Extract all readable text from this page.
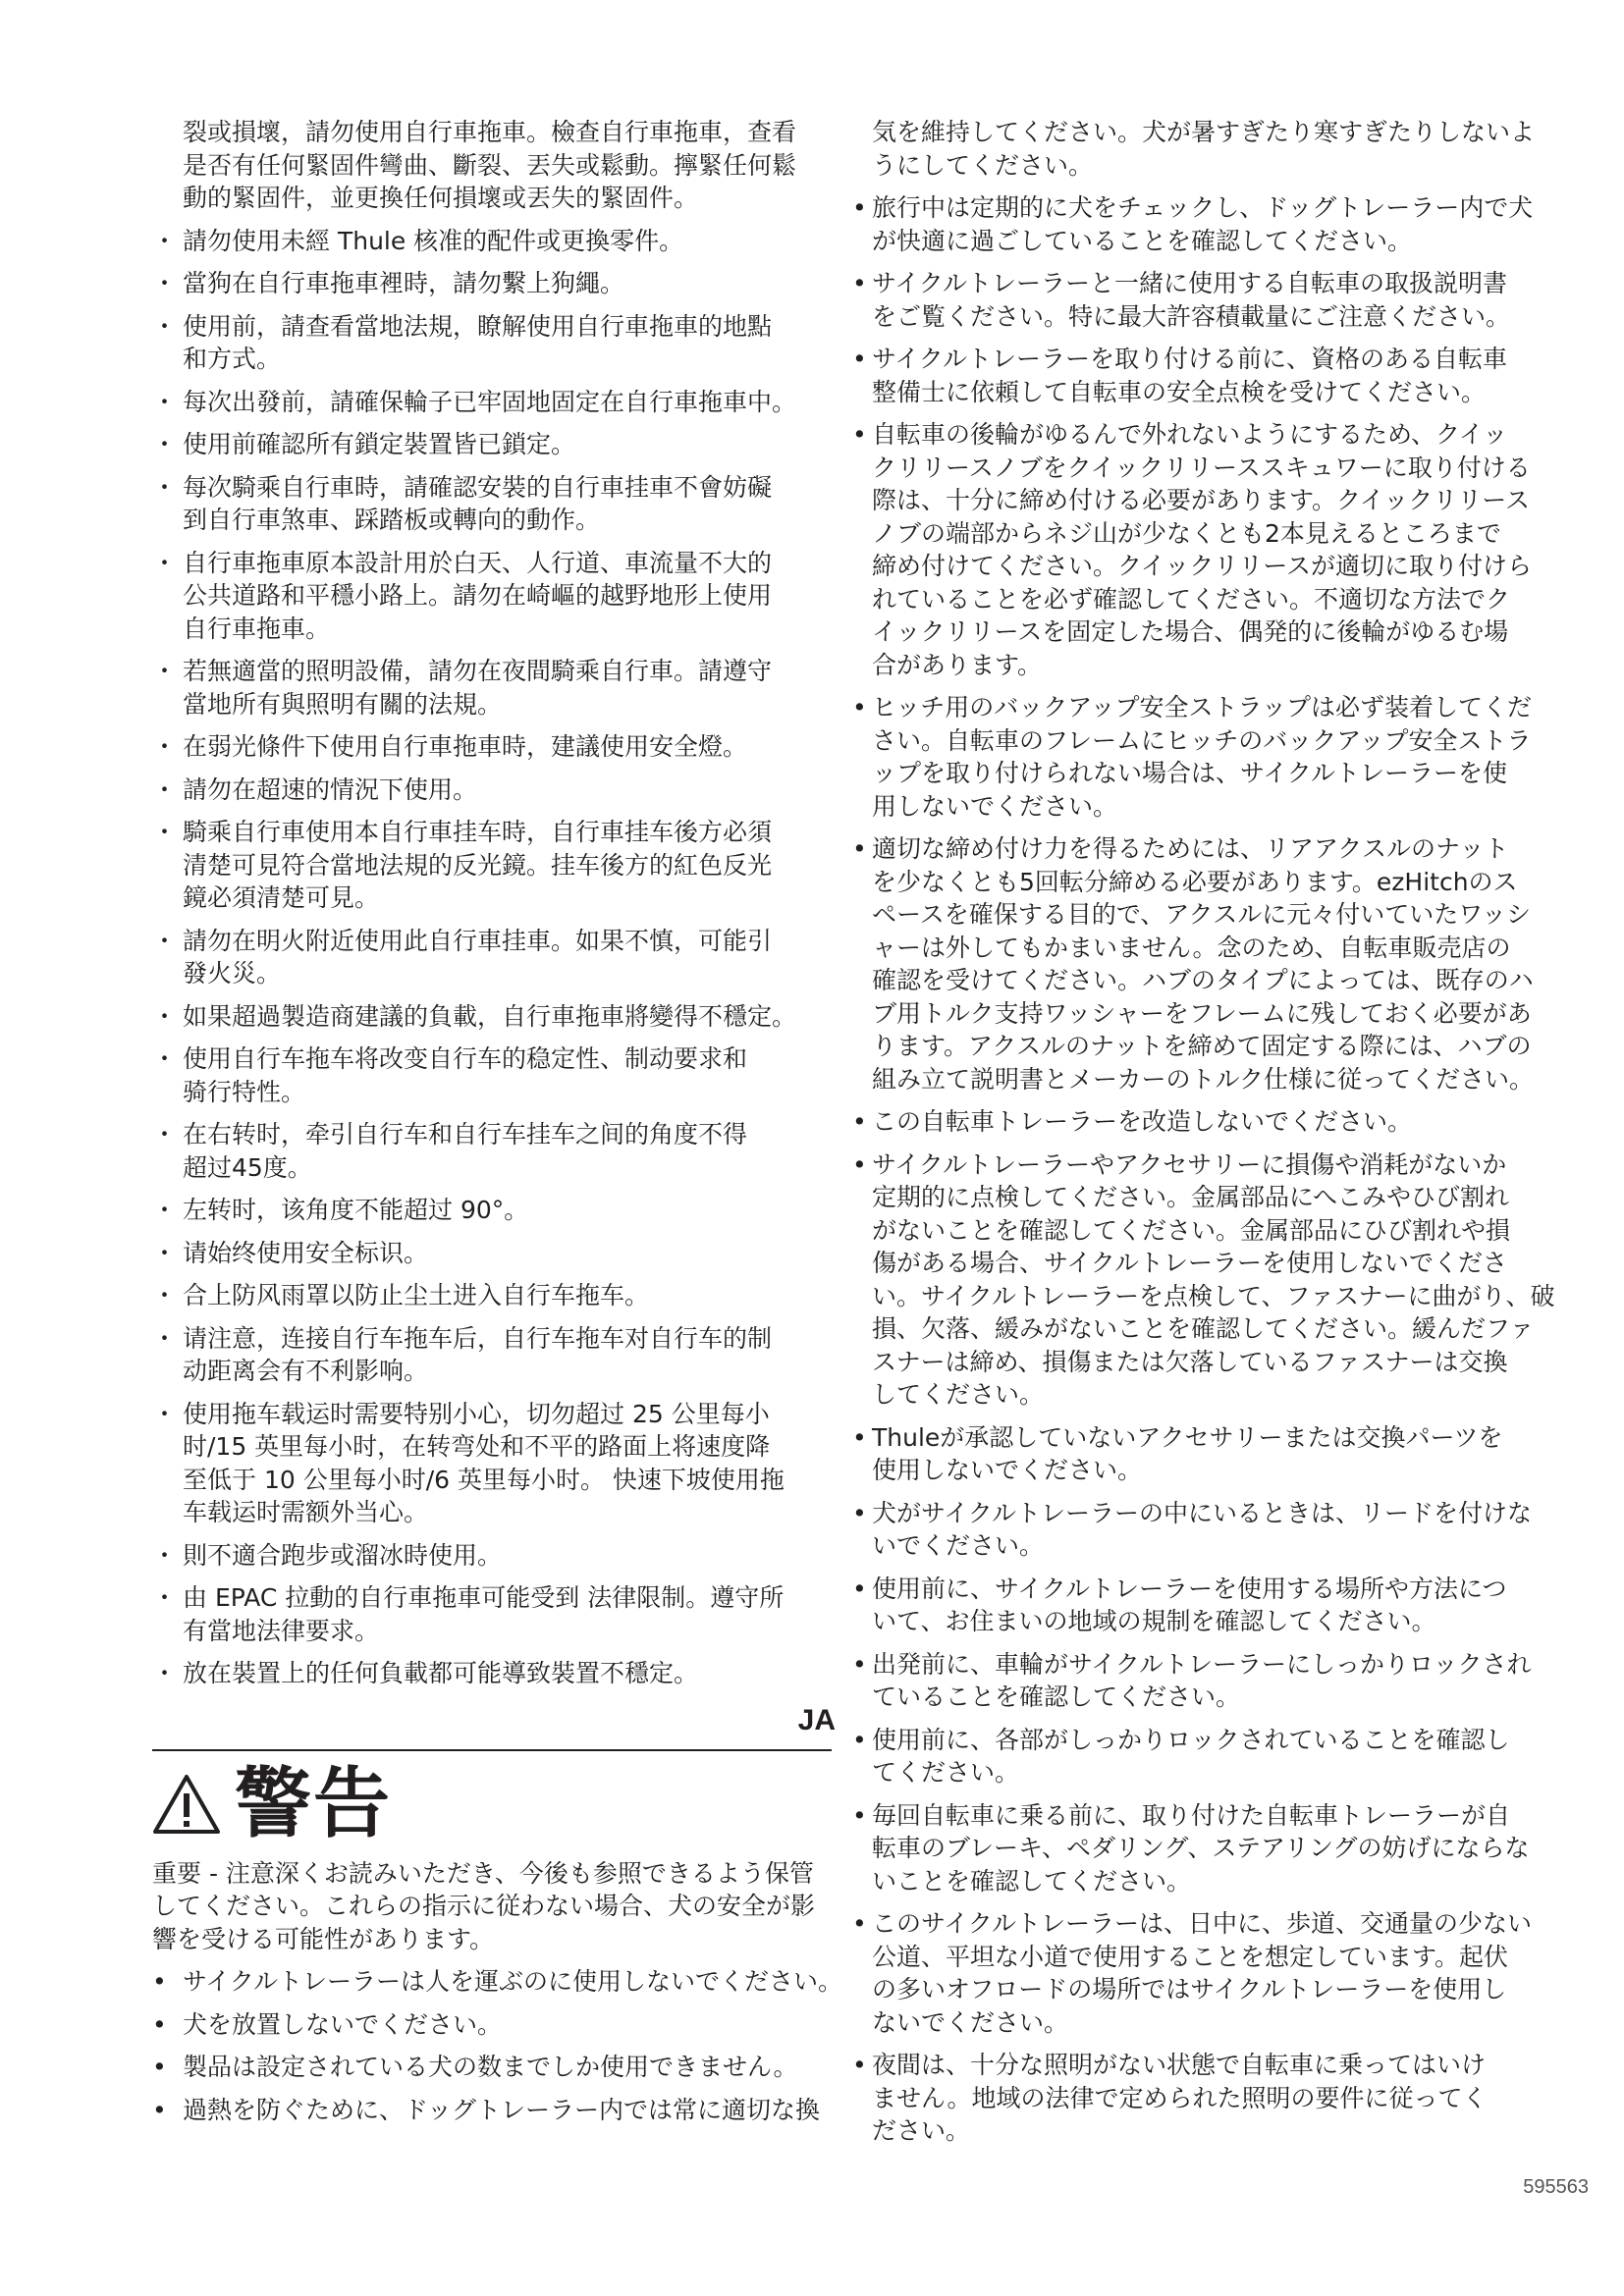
裂或損壞，請勿使用自行車拖車。檢查自行車拖車，查看
是否有任何緊固件彎曲、斷裂、丟失或鬆動。擰緊任何鬆
動的緊固件，並更換任何損壞或丟失的緊固件。

・ 請勿使用未經 Thule 核准的配件或更換零件。
・ 當狗在自行車拖車裡時，請勿繫上狗繩。
・ 使用前，請查看當地法規，瞭解使用自行車拖車的地點
和方式。
・ 每次出發前，請確保輪子已牢固地固定在自行車拖車中。
・ 使用前確認所有鎖定裝置皆已鎖定。
・ 每次騎乘自行車時，請確認安裝的自行車挂車不會妨礙
到自行車煞車、踩踏板或轉向的動作。
・ 自行車拖車原本設計用於白天、人行道、車流量不大的
公共道路和平穩小路上。請勿在崎嶇的越野地形上使用
自行車拖車。
・ 若無適當的照明設備，請勿在夜間騎乘自行車。請遵守
當地所有與照明有關的法規。
・ 在弱光條件下使用自行車拖車時，建議使用安全燈。
・ 請勿在超速的情況下使用。
・ 騎乘自行車使用本自行車挂车時，自行車挂车後方必須
清楚可見符合當地法規的反光鏡。挂车後方的紅色反光
鏡必須清楚可見。
・ 請勿在明火附近使用此自行車挂車。如果不慎，可能引
發火災。
・ 如果超過製造商建議的負載，自行車拖車將變得不穩定。
・ 使用自行车拖车将改变自行车的稳定性、制动要求和
骑行特性。
・ 在右转时，牵引自行车和自行车挂车之间的角度不得
超过45度。
・ 左转时，该角度不能超过 90°。
・ 请始终使用安全标识。
・ 合上防风雨罩以防止尘土进入自行车拖车。
・ 请注意，连接自行车拖车后，自行车拖车对自行车的制
动距离会有不利影响。
・ 使用拖车载运时需要特别小心，切勿超过 25 公里每小
时/15 英里每小时，在转弯处和不平的路面上将速度降
至低于 10 公里每小时/6 英里每小时。 快速下坡使用拖
车载运时需额外当心。
・ 則不適合跑步或溜冰時使用。
・ 由 EPAC 拉動的自行車拖車可能受到 法律限制。遵守所
有當地法律要求。
・ 放在裝置上的任何負載都可能導致裝置不穩定。
JA
警告

重要 - 注意深くお読みいただき、今後も参照できるよう保管
してください。これらの指示に従わない場合、犬の安全が影
響を受ける可能性があります。

• サイクルトレーラーは人を運ぶのに使用しないでください。
• 犬を放置しないでください。
• 製品は設定されている犬の数までしか使用できません。
• 過熱を防ぐために、ドッグトレーラー内では常に適切な換

気を維持してください。犬が暑すぎたり寒すぎたりしないよ
うにしてください。

• 旅行中は定期的に犬をチェックし、ドッグトレーラー内で犬
が快適に過ごしていることを確認してください。
• サイクルトレーラーと一緒に使用する自転車の取扱説明書
をご覧ください。特に最大許容積載量にご注意ください。
• サイクルトレーラーを取り付ける前に、資格のある自転車
整備士に依頼して自転車の安全点検を受けてください。
• 自転車の後輪がゆるんで外れないようにするため、クイッ
クリリースノブをクイックリリーススキュワーに取り付ける
際は、十分に締め付ける必要があります。クイックリリース
ノブの端部からネジ山が少なくとも2本見えるところまで
締め付けてください。クイックリリースが適切に取り付けら
れていることを必ず確認してください。不適切な方法でク
イックリリースを固定した場合、偶発的に後輪がゆるむ場
合があります。
• ヒッチ用のバックアップ安全ストラップは必ず装着してくだ
さい。自転車のフレームにヒッチのバックアップ安全ストラ
ップを取り付けられない場合は、サイクルトレーラーを使
用しないでください。
• 適切な締め付け力を得るためには、リアアクスルのナット
を少なくとも5回転分締める必要があります。ezHitchのス
ペースを確保する目的で、アクスルに元々付いていたワッシ
ャーは外してもかまいません。念のため、自転車販売店の
確認を受けてください。ハブのタイプによっては、既存のハ
ブ用トルク支持ワッシャーをフレームに残しておく必要があ
ります。アクスルのナットを締めて固定する際には、ハブの
組み立て説明書とメーカーのトルク仕様に従ってください。
• この自転車トレーラーを改造しないでください。
• サイクルトレーラーやアクセサリーに損傷や消耗がないか
定期的に点検してください。金属部品にへこみやひび割れ
がないことを確認してください。金属部品にひび割れや損
傷がある場合、サイクルトレーラーを使用しないでくださ
い。サイクルトレーラーを点検して、ファスナーに曲がり、破
損、欠落、緩みがないことを確認してください。緩んだファ
スナーは締め、損傷または欠落しているファスナーは交換
してください。
• Thuleが承認していないアクセサリーまたは交換パーツを
使用しないでください。
• 犬がサイクルトレーラーの中にいるときは、リードを付けな
いでください。
• 使用前に、サイクルトレーラーを使用する場所や方法につ
いて、お住まいの地域の規制を確認してください。
• 出発前に、車輪がサイクルトレーラーにしっかりロックされ
ていることを確認してください。
• 使用前に、各部がしっかりロックされていることを確認し
てください。
• 毎回自転車に乗る前に、取り付けた自転車トレーラーが自
転車のブレーキ、ペダリング、ステアリングの妨げにならな
いことを確認してください。
• このサイクルトレーラーは、日中に、歩道、交通量の少ない
公道、平坦な小道で使用することを想定しています。起伏
の多いオフロードの場所ではサイクルトレーラーを使用し
ないでください。
• 夜間は、十分な照明がない状態で自転車に乗ってはいけ
ません。地域の法律で定められた照明の要件に従ってく
ださい。
595563
